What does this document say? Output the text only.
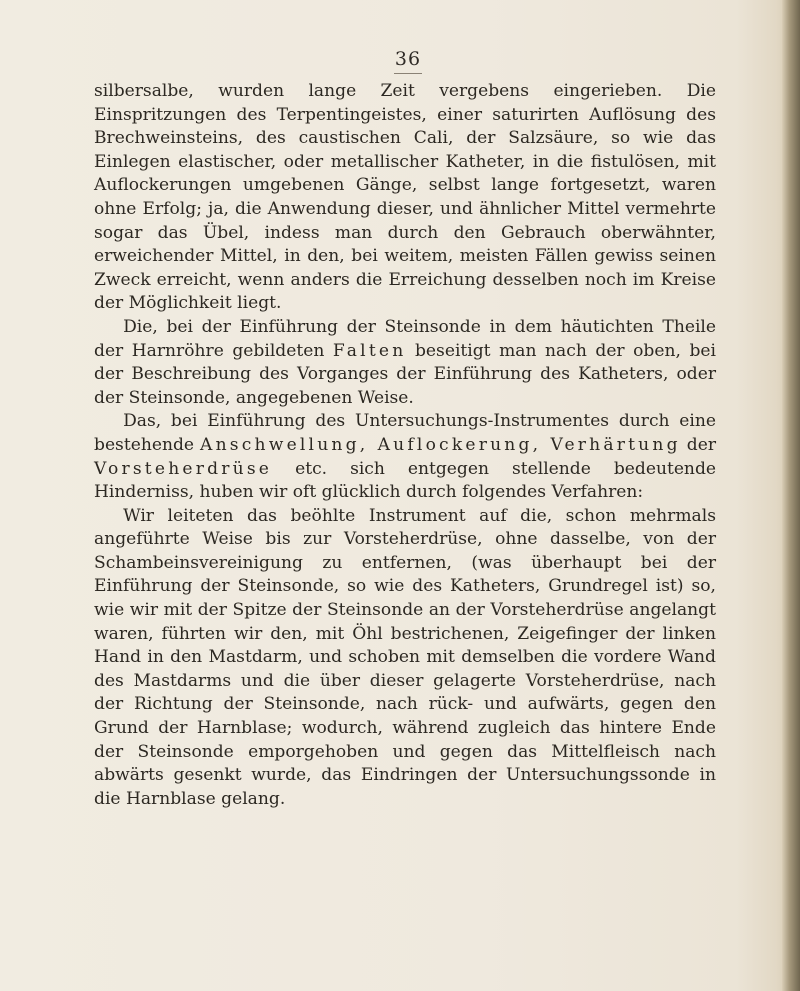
36

silbersalbe, wurden lange Zeit vergebens eingerieben. Die Einspritzungen des Terpentingeistes, einer saturirten Auflösung des Brechweinsteins, des caustischen Cali, der Salzsäure, so wie das Einlegen elastischer, oder metallischer Katheter, in die fistulösen, mit Auflockerungen umgebenen Gänge, selbst lange fortgesetzt, waren ohne Erfolg; ja, die Anwendung dieser, und ähnlicher Mittel vermehrte sogar das Übel, indess man durch den Gebrauch oberwähnter, erweichender Mittel, in den, bei weitem, meisten Fällen gewiss seinen Zweck erreicht, wenn anders die Erreichung desselben noch im Kreise der Möglichkeit liegt.

Die, bei der Einführung der Steinsonde in dem häutichten Theile der Harnröhre gebildeten Falten beseitigt man nach der oben, bei der Beschreibung des Vorganges der Einführung des Katheters, oder der Steinsonde, angegebenen Weise.

Das, bei Einführung des Untersuchungs-Instrumentes durch eine bestehende Anschwellung, Auflockerung, Verhärtung der Vorsteherdrüse etc. sich entgegen stellende bedeutende Hinderniss, huben wir oft glücklich durch folgendes Verfahren:

Wir leiteten das beöhlte Instrument auf die, schon mehrmals angeführte Weise bis zur Vorsteherdrüse, ohne dasselbe, von der Schambeinsvereinigung zu entfernen, (was überhaupt bei der Einführung der Steinsonde, so wie des Katheters, Grundregel ist) so, wie wir mit der Spitze der Steinsonde an der Vorsteherdrüse angelangt waren, führten wir den, mit Öhl bestrichenen, Zeigefinger der linken Hand in den Mastdarm, und schoben mit demselben die vordere Wand des Mastdarms und die über dieser gelagerte Vorsteherdrüse, nach der Richtung der Steinsonde, nach rück- und aufwärts, gegen den Grund der Harnblase; wodurch, während zugleich das hintere Ende der Steinsonde emporgehoben und gegen das Mittelfleisch nach abwärts gesenkt wurde, das Eindringen der Untersuchungssonde in die Harnblase gelang.
